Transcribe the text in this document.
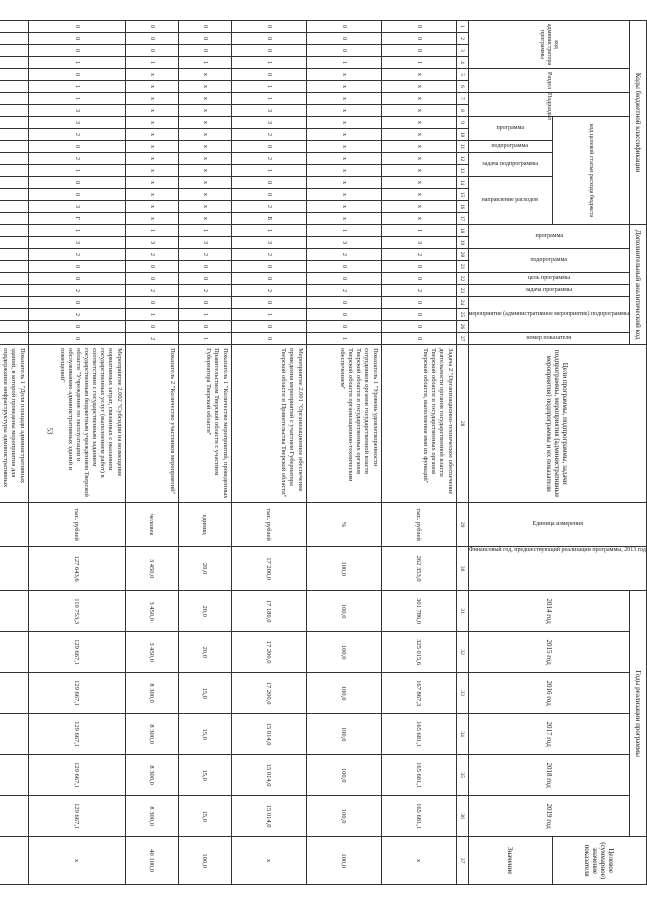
53
Коды бюджетной классификации																	Дополнительный аналитический код										Цели программы, подпрограммы, задачи подпрограммы, мероприятия (административные мероприятия) подпрограммы и их показатели	Единица измерения	Финансовый год, предшествующий реализации программы, 2013 год	Годы реализации программы						Целевое (суммарное) значение показателя

код администратора программы				Раздел		Подраздел		код целевой статьи расхода бюджета									программа		подпрограмма		цель программы	задача программы	мероприятие (административное мероприятие) подпрограммы			номер показателя				2014 год	2015 год	2016 год	2017 год	2018 год	2019 год	

								программа		подпрограмма	задача подпрограммы		направление расходов																							Значение
1	2	3	4	5	6	7	8	9	10	11	12	13	14	15	16	17	18	19	20	21	22	23	24	25	26	27	28	29	30	31	32	33	34	35	36	37
0	0	0	1	x	x	x	x	x	x	x	x	x	x	x	x	x	1	3	2	0	0	2	0	0	0	0	Задача 2 "Организационно-техническое обеспечение деятельности органов государственной власти Тверской области и государственных органов Тверской области, выполнения ими их функций"	тыс. рублей	262 353,0	301 786,0	325 015,6	167 867,3	165 681,1	165 681,1	165 681,1	x
0	0	0	1	x	x	x	x	x	x	x	x	x	x	x	x	x	1	3	2	0	0	2	0	0	0	1	Показатель 1 "Уровень удовлетворенности сотрудников органов государственной власти Тверской области и государственных органов Тверской области организационно-техническим обеспечением"	%	100,0	100,0	100,0	100,0	100,0	100,0	100,0	100,0
0	0	0	1	0	1	1	3	3	2	0	2	1	0	0	2	Б	1	3	2	0	0	2	0	1	0	0	Мероприятие 2.001 "Организационное обеспечение проведения мероприятий с участием Губернатора Тверской области и Правительства Тверской области"	тыс. рублей	17 200,0	17 180,0	17 200,0	17 200,0	15 014,0	15 014,0	15 014,0	x
0	0	0	1	x	x	x	x	x	x	x	x	x	x	x	x	x	1	3	2	0	0	2	0	1	0	1	Показатель 1 "Количество мероприятий, проведенных Правительством Тверской области с участием Губернатора Тверской области"	единиц	20,0	20,0	20,0	15,0	15,0	15,0	15,0	100,0
0	0	0	1	x	x	x	x	x	x	x	x	x	x	x	x	x	1	3	2	0	0	2	0	1	0	2	Показатель 2 "Количество участников мероприятий"	человек	3 450,0	3 450,0	3 450,0	8 300,0	8 300,0	8 300,0	8 300,0	40 100,0
0	0	0	1	0	1	1	3	3	2	0	2	1	0	0	3	Г	1	3	2	0	0	2	0	2	0	0	Мероприятие 2.002 "Субсидии на возмещение нормативных затрат, связанных с оказанием государственных услуг (выполнением работ) в соответствии с государственным заданием государственным бюджетным учреждением Тверской области "Учреждение по эксплуатации и обслуживанию административных зданий и помещений"	тыс. рублей	127 643,6	119 753,3	129 667,1	129 667,1	129 667,1	129 667,1	129 667,1	x
																											Показатель 1 "Доля площади административных зданий, в которой проведены мероприятия для поддержания инфраструктуры административных									
